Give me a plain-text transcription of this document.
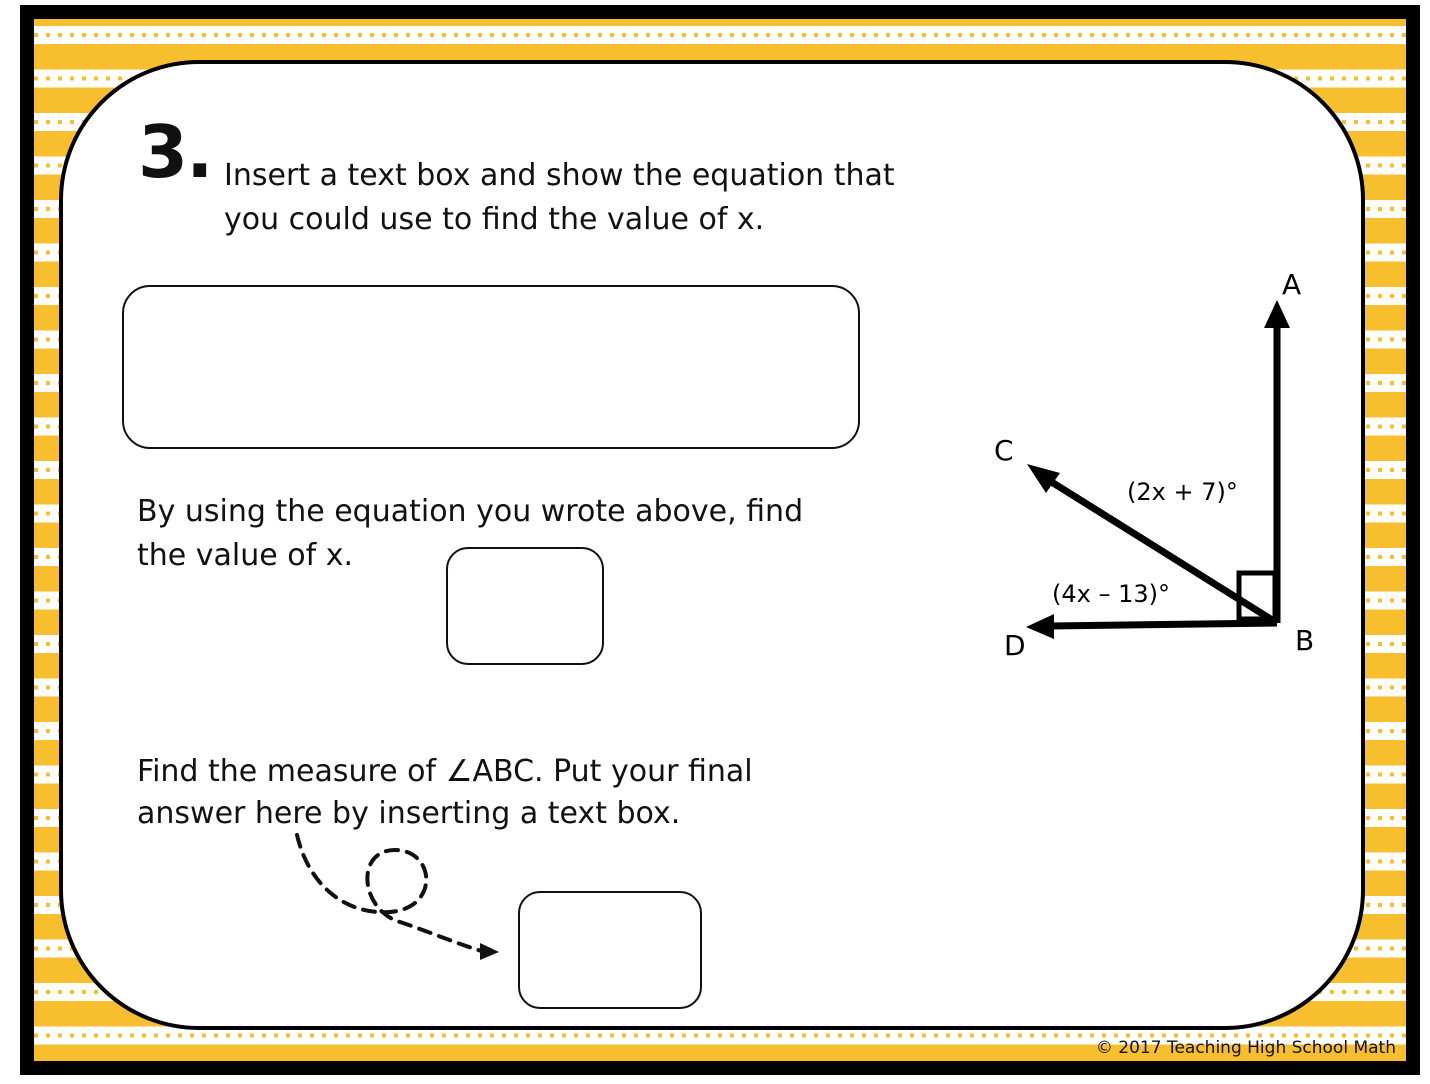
3. Insert a text box and show the equation that
you could use to find the value of x.
By using the equation you wrote above, find
the value of x.
Find the measure of ∠ABC. Put your final
answer here by inserting a text box.
A
B
C
D
(2x + 7)°
(4x – 13)°
© 2017 Teaching High School Math
